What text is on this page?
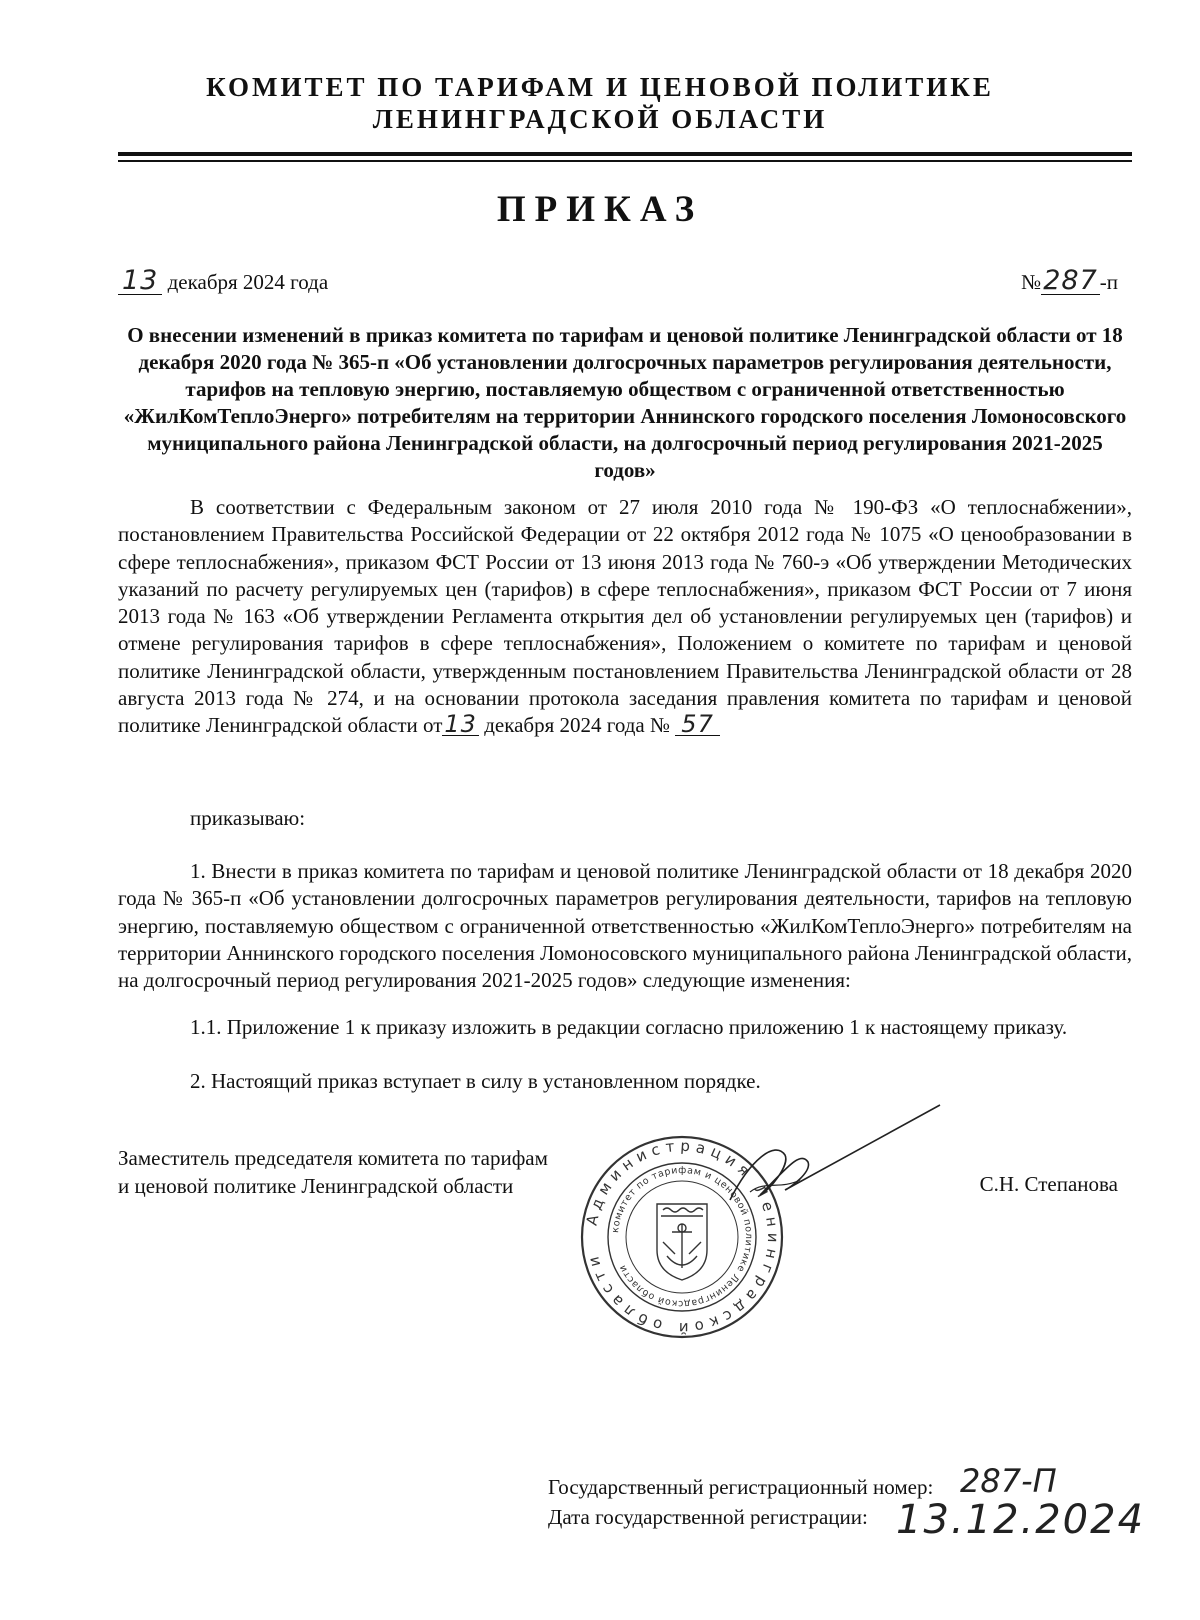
КОМИТЕТ ПО ТАРИФАМ И ЦЕНОВОЙ ПОЛИТИКЕ
ЛЕНИНГРАДСКОЙ ОБЛАСТИ
ПРИКАЗ
13 декабря 2024 года	№287-п
О внесении изменений в приказ комитета по тарифам и ценовой политике Ленинградской области от 18 декабря 2020 года № 365-п «Об установлении долгосрочных параметров регулирования деятельности, тарифов на тепловую энергию, поставляемую обществом с ограниченной ответственностью «ЖилКомТеплоЭнерго» потребителям на территории Аннинского городского поселения Ломоносовского муниципального района Ленинградской области, на долгосрочный период регулирования 2021-2025 годов»
В соответствии с Федеральным законом от 27 июля 2010 года № 190-ФЗ «О теплоснабжении», постановлением Правительства Российской Федерации от 22 октября 2012 года № 1075 «О ценообразовании в сфере теплоснабжения», приказом ФСТ России от 13 июня 2013 года № 760-э «Об утверждении Методических указаний по расчету регулируемых цен (тарифов) в сфере теплоснабжения», приказом ФСТ России от 7 июня 2013 года № 163 «Об утверждении Регламента открытия дел об установлении регулируемых цен (тарифов) и отмене регулирования тарифов в сфере теплоснабжения», Положением о комитете по тарифам и ценовой политике Ленинградской области, утвержденным постановлением Правительства Ленинградской области от 28 августа 2013 года № 274, и на основании протокола заседания правления комитета по тарифам и ценовой политике Ленинградской области от13 декабря 2024 года № 57
приказываю:
1. Внести в приказ комитета по тарифам и ценовой политике Ленинградской области от 18 декабря 2020 года № 365-п «Об установлении долгосрочных параметров регулирования деятельности, тарифов на тепловую энергию, поставляемую обществом с ограниченной ответственностью «ЖилКомТеплоЭнерго» потребителям на территории Аннинского городского поселения Ломоносовского муниципального района Ленинградской области, на долгосрочный период регулирования 2021-2025 годов» следующие изменения:
1.1. Приложение 1 к приказу изложить в редакции согласно приложению 1 к настоящему приказу.
2. Настоящий приказ вступает в силу в установленном порядке.
Заместитель председателя комитета по тарифам
и ценовой политике Ленинградской области	С.Н. Степанова
Администрация Ленинградской области
комитет по тарифам и ценовой политике Ленинградской области
Государственный регистрационный номер:
Дата государственной регистрации:
287-П
13.12.2024
